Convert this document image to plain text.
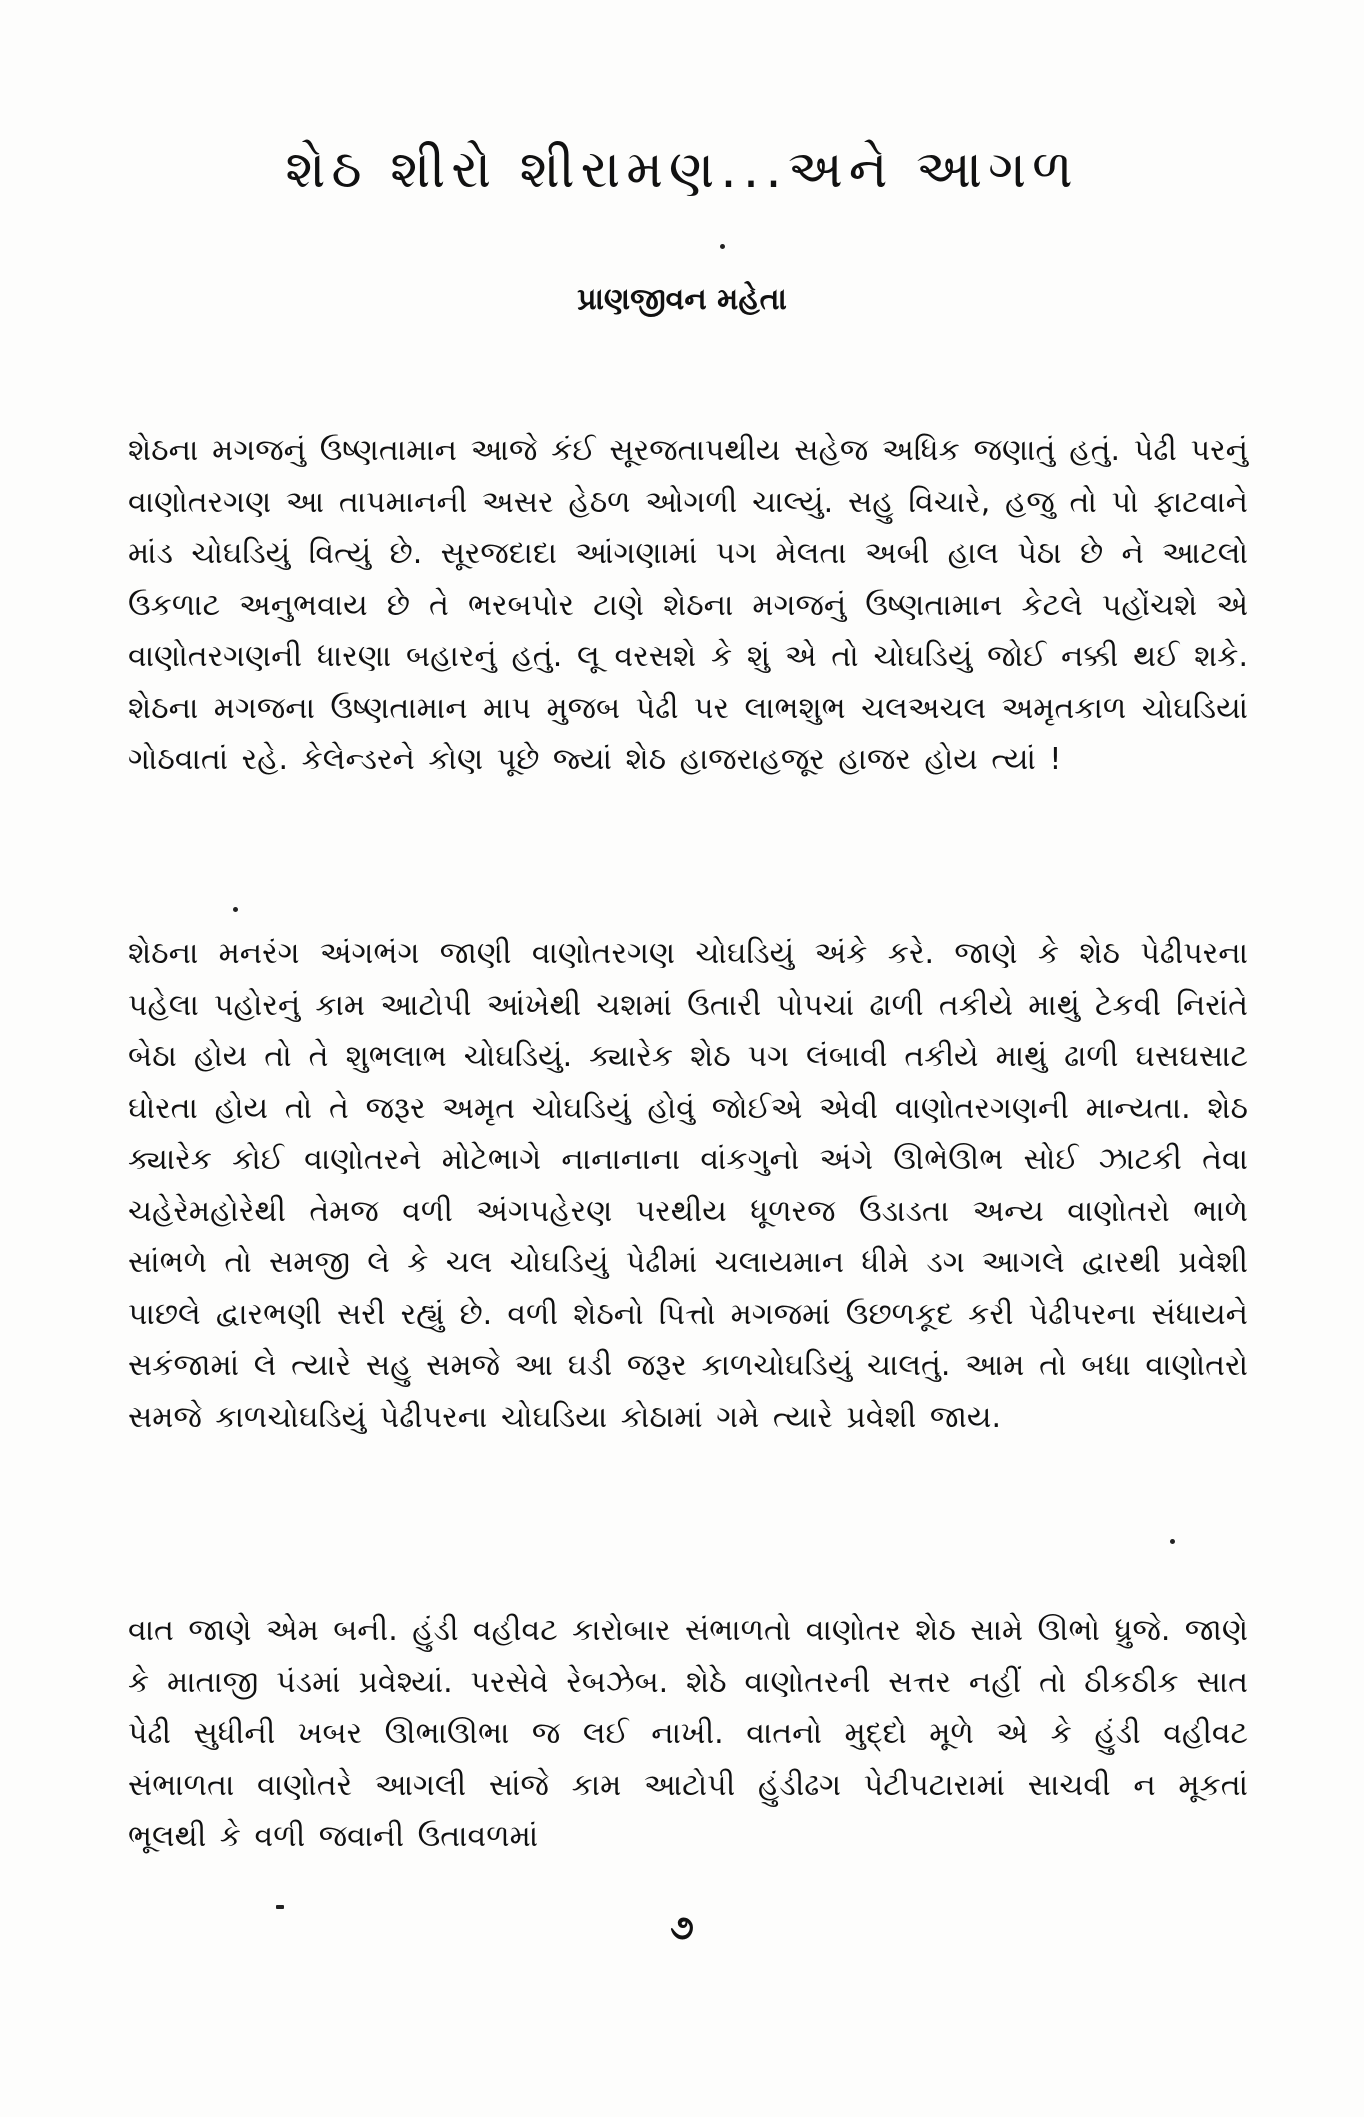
શેઠ શીરો શીરામણ...અને આગળ
પ્રાણજીવન મહેતા

શેઠના મગજનું ઉષ્ણતામાન આજે કંઈ સૂરજતાપથીય સહેજ અધિક જણાતું હતું. પેઢી પરનું વાણોતરગણ આ તાપમાનની અસર હેઠળ ઓગળી ચાલ્યું. સહુ વિચારે, હજુ તો પો ફાટવાને માંડ ચોઘડિયું વિત્યું છે. સૂરજદાદા આંગણામાં પગ મેલતા અબી હાલ પેઠા છે ને આટલો ઉકળાટ અનુભવાય છે તે ભરબપોર ટાણે શેઠના મગજનું ઉષ્ણતામાન કેટલે પહોંચશે એ વાણોતરગણની ધારણા બહારનું હતું. લૂ વરસશે કે શું એ તો ચોઘડિયું જોઈ નક્કી થઈ શકે. શેઠના મગજના ઉષ્ણતામાન માપ મુજબ પેઢી પર લાભશુભ ચલઅચલ અમૃતકાળ ચોઘડિયાં ગોઠવાતાં રહે. કેલેન્ડરને કોણ પૂછે જ્યાં શેઠ હાજરાહજૂર હાજર હોય ત્યાં !

શેઠના મનરંગ અંગભંગ જાણી વાણોતરગણ ચોઘડિયું અંકે કરે. જાણે કે શેઠ પેઢીપરના પહેલા પહોરનું કામ આટોપી આંખેથી ચશમાં ઉતારી પોપચાં ઢાળી તકીયે માથું ટેકવી નિરાંતે બેઠા હોય તો તે શુભલાભ ચોઘડિયું. ક્યારેક શેઠ પગ લંબાવી તકીયે માથું ઢાળી ઘસઘસાટ ઘોરતા હોય તો તે જરૂર અમૃત ચોઘડિયું હોવું જોઈએ એવી વાણોતરગણની માન્યતા. શેઠ ક્યારેક કોઈ વાણોતરને મોટેભાગે નાનાનાના વાંકગુનો અંગે ઊભેઊભ સોઈ ઝાટકી તેવા ચહેરેમહોરેથી તેમજ વળી અંગપહેરણ પરથીય ધૂળરજ ઉડાડતા અન્ય વાણોતરો ભાળે સાંભળે તો સમજી લે કે ચલ ચોઘડિયું પેઢીમાં ચલાયમાન ધીમે ડગ આગલે દ્વારથી પ્રવેશી પાછલે દ્વારભણી સરી રહ્યું છે. વળી શેઠનો પિત્તો મગજમાં ઉછળકૂદ કરી પેઢીપરના સંધાયને સકંજામાં લે ત્યારે સહુ સમજે આ ઘડી જરૂર કાળચોઘડિયું ચાલતું. આમ તો બધા વાણોતરો સમજે કાળચોઘડિયું પેઢીપરના ચોઘડિયા કોઠામાં ગમે ત્યારે પ્રવેશી જાય.

વાત જાણે એમ બની. હુંડી વહીવટ કારોબાર સંભાળતો વાણોતર શેઠ સામે ઊભો ધ્રુજે. જાણે કે માતાજી પંડમાં પ્રવેશ્યાં. પરસેવે રેબઝેબ. શેઠે વાણોતરની સત્તર નહીં તો ઠીકઠીક સાત પેઢી સુધીની ખબર ઊભાઊભા જ લઈ નાખી. વાતનો મુદ્દો મૂળે એ કે હુંડી વહીવટ સંભાળતા વાણોતરે આગલી સાંજે કામ આટોપી હુંડીઢગ પેટીપટારામાં સાચવી ન મૂકતાં ભૂલથી કે વળી જવાની ઉતાવળમાં

૭
